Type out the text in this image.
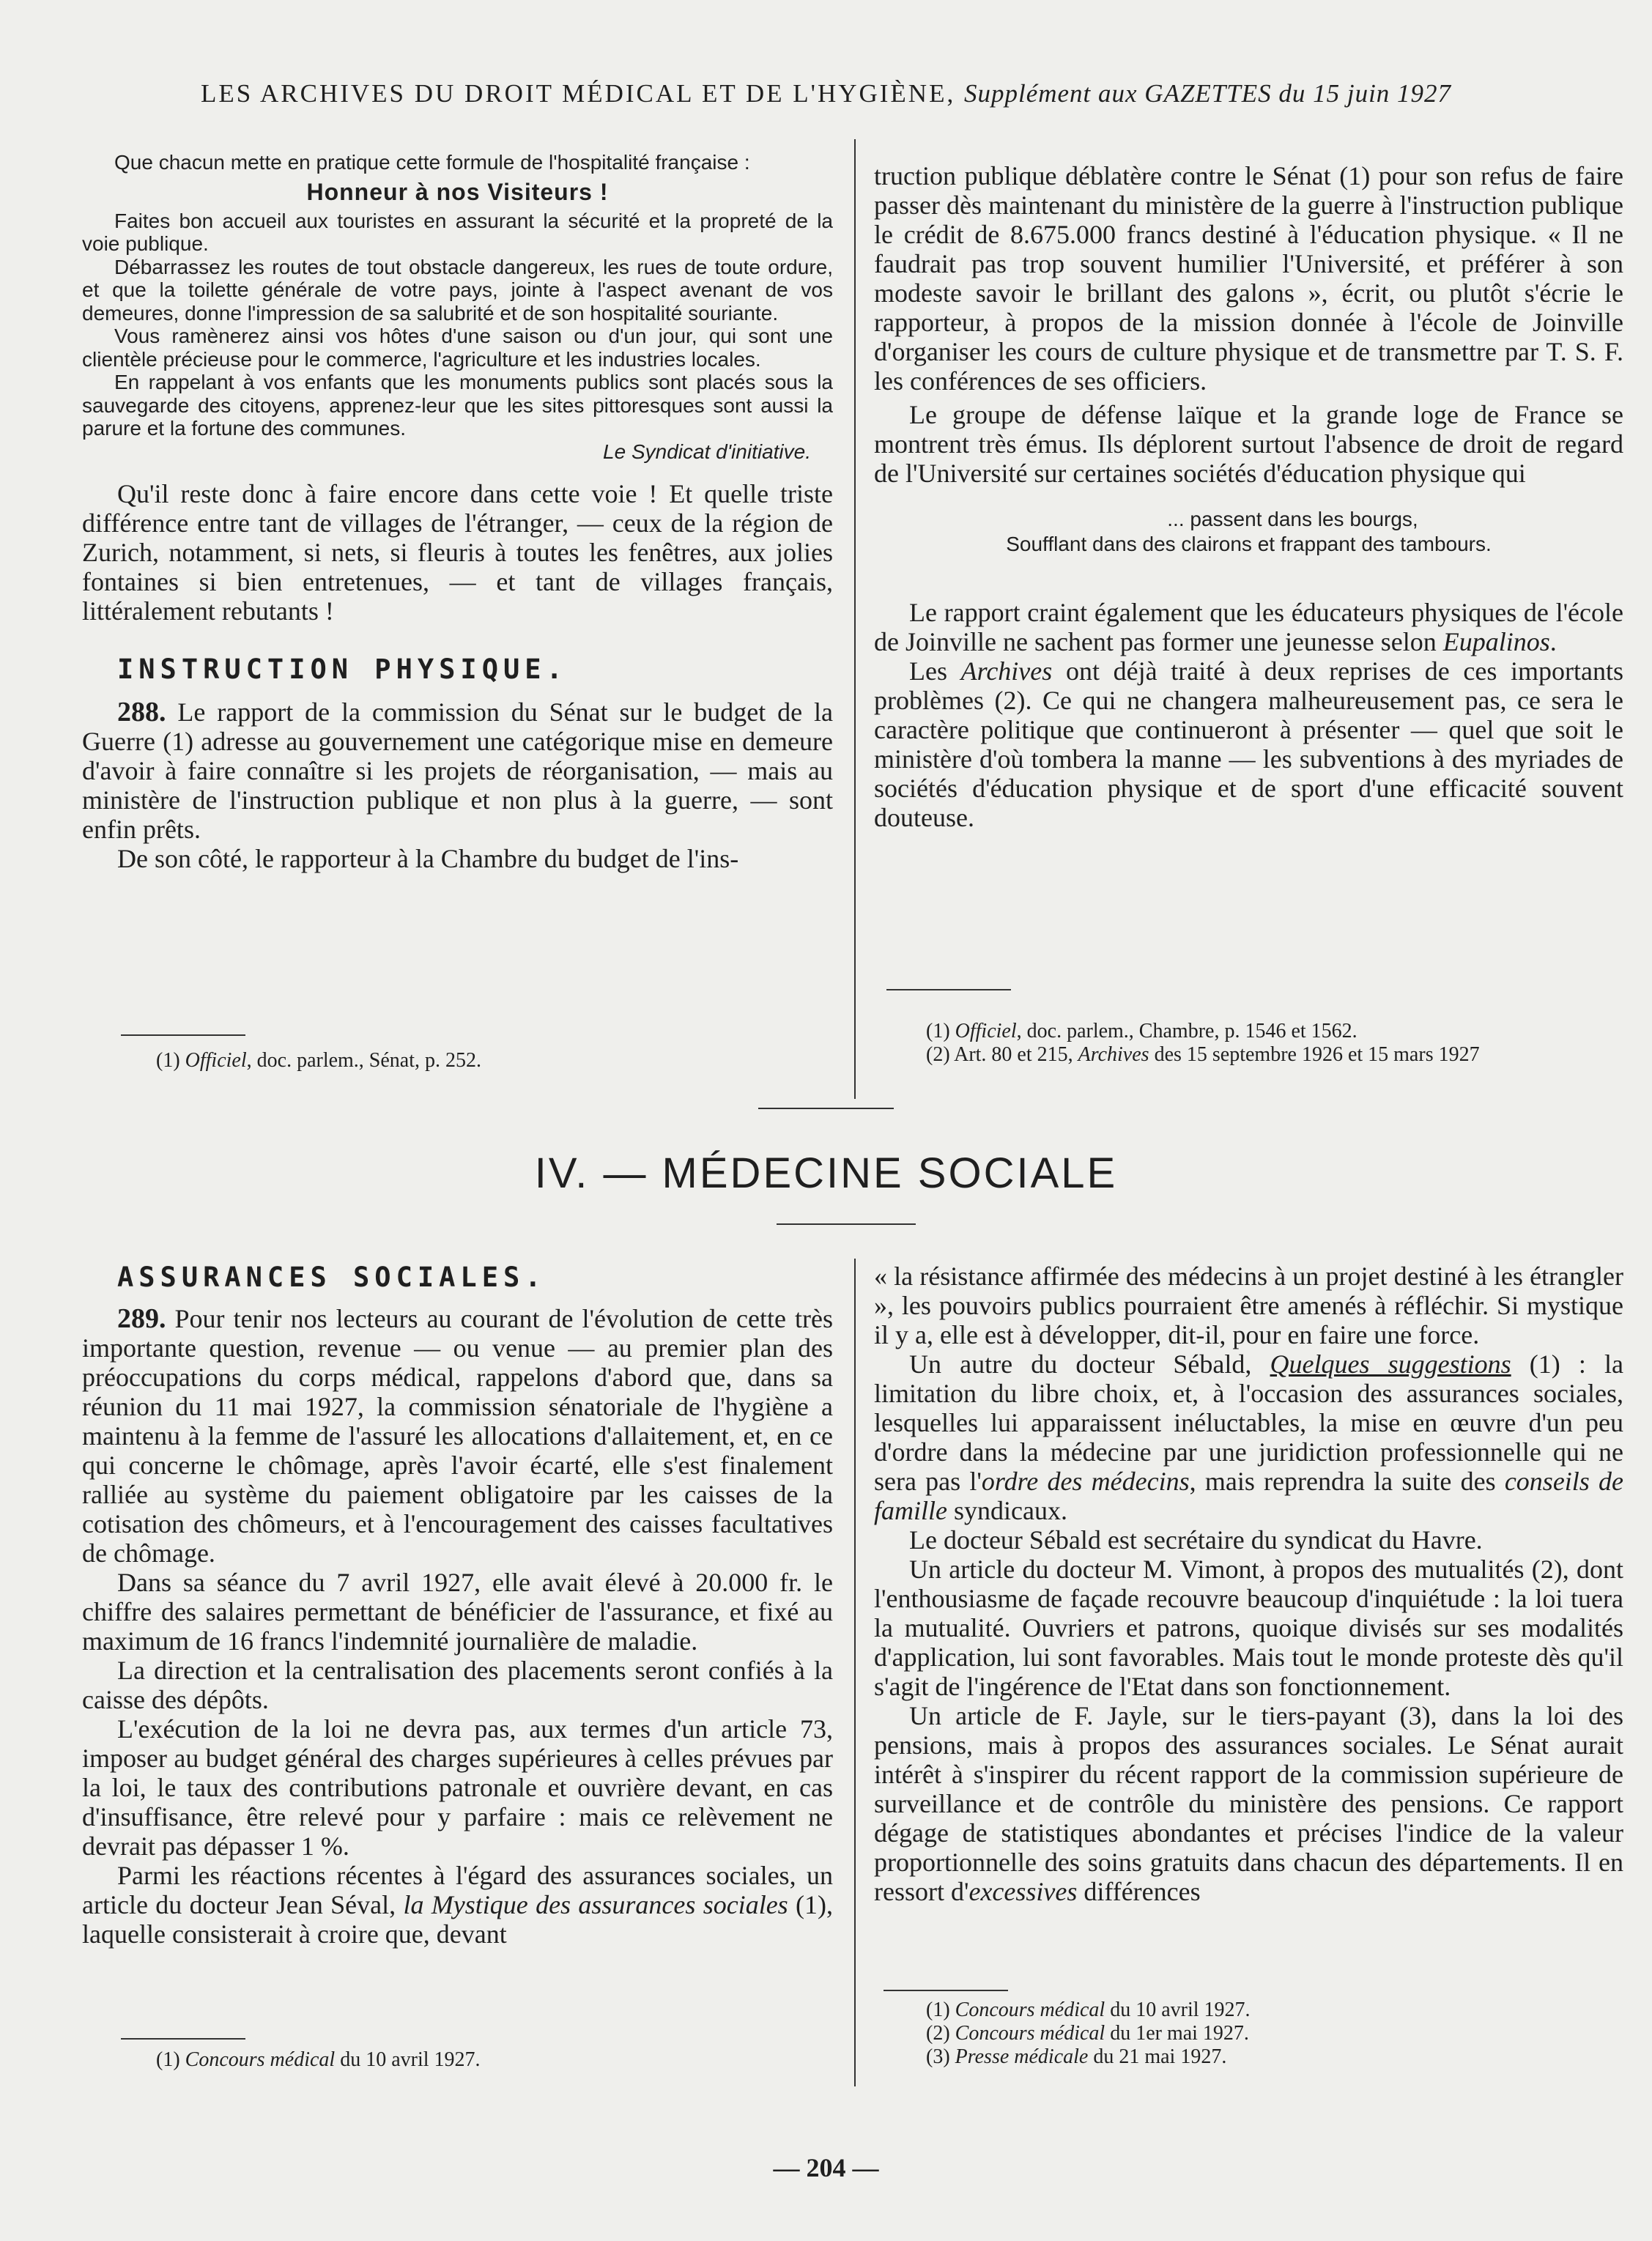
LES ARCHIVES DU DROIT MÉDICAL ET DE L'HYGIÈNE, Supplément aux GAZETTES du 15 juin 1927

Que chacun mette en pratique cette formule de l'hospitalité française :

Honneur à nos Visiteurs !

Faites bon accueil aux touristes en assurant la sécurité et la propreté de la voie publique.

Débarrassez les routes de tout obstacle dangereux, les rues de toute ordure, et que la toilette générale de votre pays, jointe à l'aspect avenant de vos demeures, donne l'impression de sa salubrité et de son hospitalité souriante.

Vous ramènerez ainsi vos hôtes d'une saison ou d'un jour, qui sont une clientèle précieuse pour le commerce, l'agriculture et les industries locales.

En rappelant à vos enfants que les monuments publics sont placés sous la sauvegarde des citoyens, apprenez-leur que les sites pittoresques sont aussi la parure et la fortune des communes.

Le Syndicat d'initiative.

Qu'il reste donc à faire encore dans cette voie ! Et quelle triste différence entre tant de villages de l'étranger, — ceux de la région de Zurich, notamment, si nets, si fleuris à toutes les fenêtres, aux jolies fontaines si bien entretenues, — et tant de villages français, littéralement rebutants !

INSTRUCTION PHYSIQUE.

288. Le rapport de la commission du Sénat sur le budget de la Guerre (1) adresse au gouvernement une catégorique mise en demeure d'avoir à faire connaître si les projets de réorganisation, — mais au ministère de l'instruction publique et non plus à la guerre, — sont enfin prêts.

De son côté, le rapporteur à la Chambre du budget de l'ins-

(1) Officiel, doc. parlem., Sénat, p. 252.

truction publique déblatère contre le Sénat (1) pour son refus de faire passer dès maintenant du ministère de la guerre à l'instruction publique le crédit de 8.675.000 francs destiné à l'éducation physique. « Il ne faudrait pas trop souvent humilier l'Université, et préférer à son modeste savoir le brillant des galons », écrit, ou plutôt s'écrie le rapporteur, à propos de la mission donnée à l'école de Joinville d'organiser les cours de culture physique et de transmettre par T. S. F. les conférences de ses officiers.

Le groupe de défense laïque et la grande loge de France se montrent très émus. Ils déplorent surtout l'absence de droit de regard de l'Université sur certaines sociétés d'éducation physique qui

... passent dans les bourgs,

Soufflant dans des clairons et frappant des tambours.

Le rapport craint également que les éducateurs physiques de l'école de Joinville ne sachent pas former une jeunesse selon Eupalinos.

Les Archives ont déjà traité à deux reprises de ces importants problèmes (2). Ce qui ne changera malheureusement pas, ce sera le caractère politique que continueront à présenter — quel que soit le ministère d'où tombera la manne — les subventions à des myriades de sociétés d'éducation physique et de sport d'une efficacité souvent douteuse.

(1) Officiel, doc. parlem., Chambre, p. 1546 et 1562.

(2) Art. 80 et 215, Archives des 15 septembre 1926 et 15 mars 1927

IV. — MÉDECINE SOCIALE

ASSURANCES SOCIALES.

289. Pour tenir nos lecteurs au courant de l'évolution de cette très importante question, revenue — ou venue — au premier plan des préoccupations du corps médical, rappelons d'abord que, dans sa réunion du 11 mai 1927, la commission sénatoriale de l'hygiène a maintenu à la femme de l'assuré les allocations d'allaitement, et, en ce qui concerne le chômage, après l'avoir écarté, elle s'est finalement ralliée au système du paiement obligatoire par les caisses de la cotisation des chômeurs, et à l'encouragement des caisses facultatives de chômage.

Dans sa séance du 7 avril 1927, elle avait élevé à 20.000 fr. le chiffre des salaires permettant de bénéficier de l'assurance, et fixé au maximum de 16 francs l'indemnité journalière de maladie.

La direction et la centralisation des placements seront confiés à la caisse des dépôts.

L'exécution de la loi ne devra pas, aux termes d'un article 73, imposer au budget général des charges supérieures à celles prévues par la loi, le taux des contributions patronale et ouvrière devant, en cas d'insuffisance, être relevé pour y parfaire : mais ce relèvement ne devrait pas dépasser 1 %.

Parmi les réactions récentes à l'égard des assurances sociales, un article du docteur Jean Séval, la Mystique des assurances sociales (1), laquelle consisterait à croire que, devant

(1) Concours médical du 10 avril 1927.

« la résistance affirmée des médecins à un projet destiné à les étrangler », les pouvoirs publics pourraient être amenés à réfléchir. Si mystique il y a, elle est à développer, dit-il, pour en faire une force.

Un autre du docteur Sébald, Quelques suggestions (1) : la limitation du libre choix, et, à l'occasion des assurances sociales, lesquelles lui apparaissent inéluctables, la mise en œuvre d'un peu d'ordre dans la médecine par une juridiction professionnelle qui ne sera pas l'ordre des médecins, mais reprendra la suite des conseils de famille syndicaux.

Le docteur Sébald est secrétaire du syndicat du Havre.

Un article du docteur M. Vimont, à propos des mutualités (2), dont l'enthousiasme de façade recouvre beaucoup d'inquiétude : la loi tuera la mutualité. Ouvriers et patrons, quoique divisés sur ses modalités d'application, lui sont favorables. Mais tout le monde proteste dès qu'il s'agit de l'ingérence de l'Etat dans son fonctionnement.

Un article de F. Jayle, sur le tiers-payant (3), dans la loi des pensions, mais à propos des assurances sociales. Le Sénat aurait intérêt à s'inspirer du récent rapport de la commission supérieure de surveillance et de contrôle du ministère des pensions. Ce rapport dégage de statistiques abondantes et précises l'indice de la valeur proportionnelle des soins gratuits dans chacun des départements. Il en ressort d'excessives différences

(1) Concours médical du 10 avril 1927.

(2) Concours médical du 1er mai 1927.

(3) Presse médicale du 21 mai 1927.

— 204 —
